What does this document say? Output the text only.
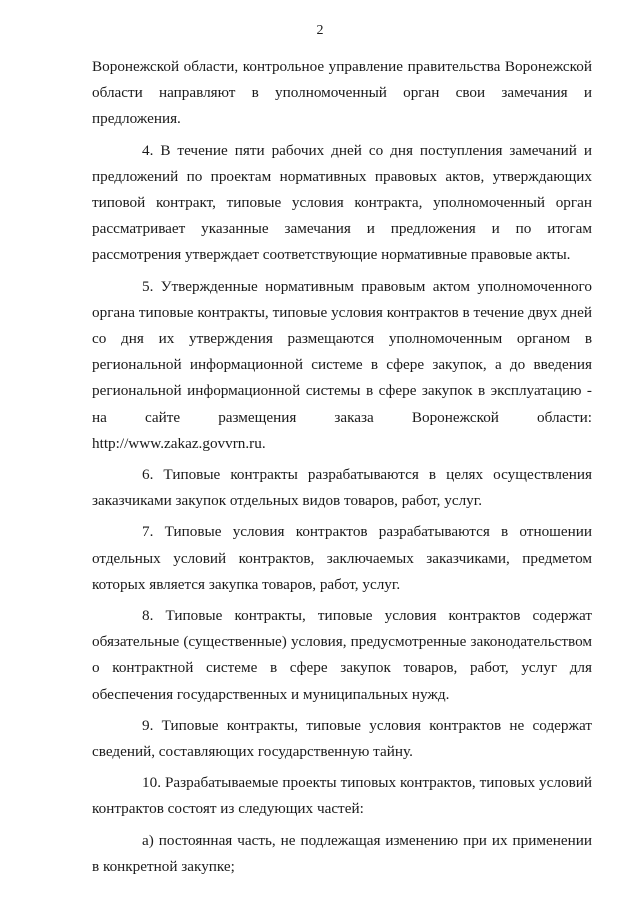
2

Воронежской области, контрольное управление правительства Воронежской области направляют в уполномоченный орган свои замечания и предложения.

4. В течение пяти рабочих дней со дня поступления замечаний и предложений по проектам нормативных правовых актов, утверждающих типовой контракт, типовые условия контракта, уполномоченный орган рассматривает указанные замечания и предложения и по итогам рассмотрения утверждает соответствующие нормативные правовые акты.

5. Утвержденные нормативным правовым актом уполномоченного органа типовые контракты, типовые условия контрактов в течение двух дней со дня их утверждения размещаются уполномоченным органом в региональной информационной системе в сфере закупок, а до введения региональной информационной системы в сфере закупок в эксплуатацию - на сайте размещения заказа Воронежской области: http://www.zakaz.govvrn.ru.

6. Типовые контракты разрабатываются в целях осуществления заказчиками закупок отдельных видов товаров, работ, услуг.

7. Типовые условия контрактов разрабатываются в отношении отдельных условий контрактов, заключаемых заказчиками, предметом которых является закупка товаров, работ, услуг.

8. Типовые контракты, типовые условия контрактов содержат обязательные (существенные) условия, предусмотренные законодательством о контрактной системе в сфере закупок товаров, работ, услуг для обеспечения государственных и муниципальных нужд.

9. Типовые контракты, типовые условия контрактов не содержат сведений, составляющих государственную тайну.

10. Разрабатываемые проекты типовых контрактов, типовых условий контрактов состоят из следующих частей:

а) постоянная часть, не подлежащая изменению при их применении в конкретной закупке;
